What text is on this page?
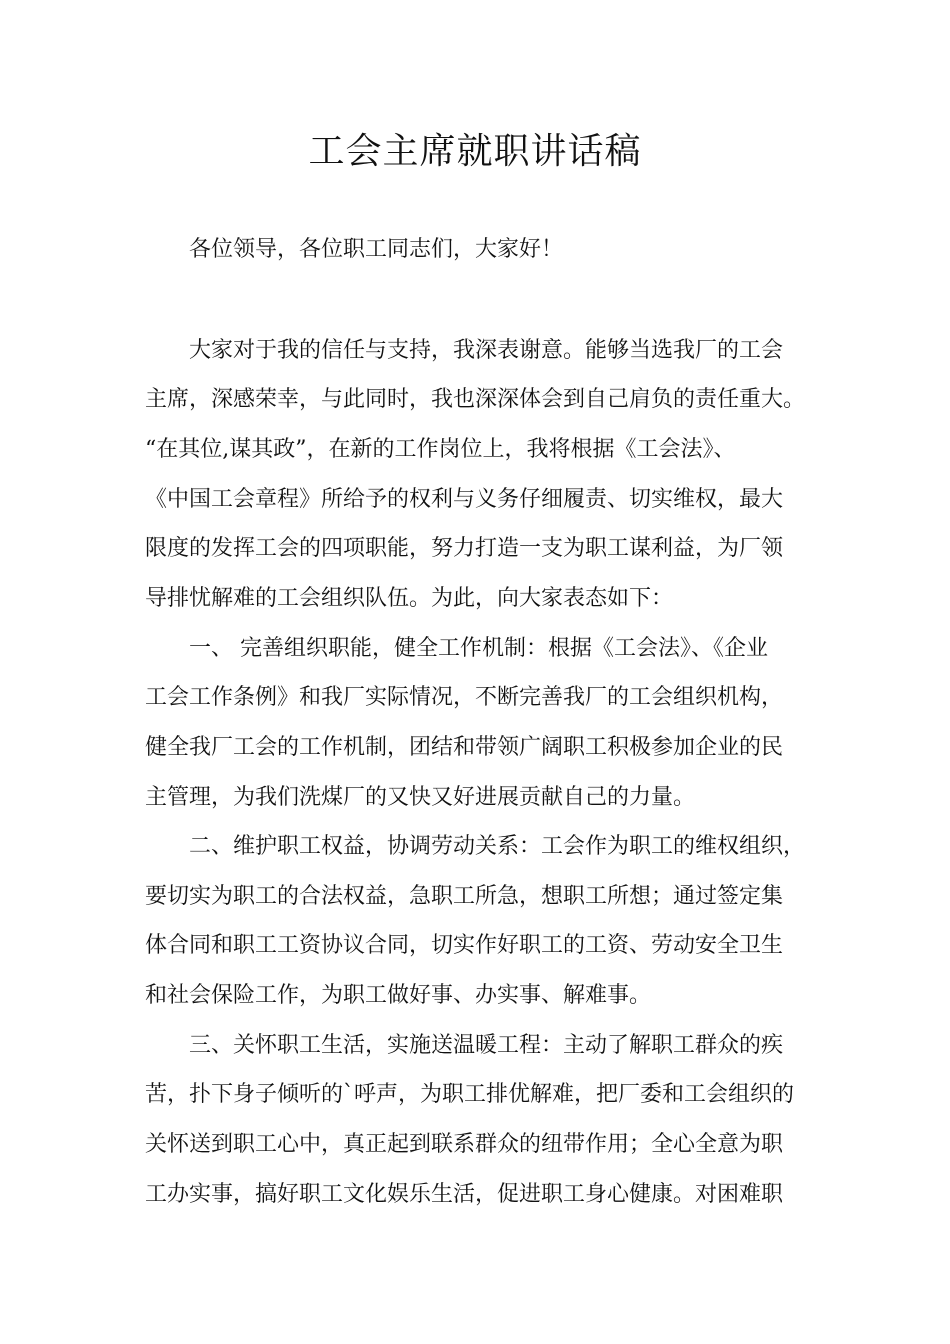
工会主席就职讲话稿
各位领导，各位职工同志们，大家好！
大家对于我的信任与支持，我深表谢意。能够当选我厂的工会
主席，深感荣幸，与此同时，我也深深体会到自己肩负的责任重大。
“在其位,谋其政”，在新的工作岗位上，我将根据《工会法》、
《中国工会章程》所给予的权利与义务仔细履责、切实维权，最大
限度的发挥工会的四项职能，努力打造一支为职工谋利益，为厂领
导排忧解难的工会组织队伍。为此，向大家表态如下：
一、 完善组织职能，健全工作机制：根据《工会法》、《企业
工会工作条例》和我厂实际情况，不断完善我厂的工会组织机构，
健全我厂工会的工作机制，团结和带领广阔职工积极参加企业的民
主管理，为我们洗煤厂的又快又好进展贡献自己的力量。
二、维护职工权益，协调劳动关系：工会作为职工的维权组织，
要切实为职工的合法权益，急职工所急，想职工所想；通过签定集
体合同和职工工资协议合同，切实作好职工的工资、劳动安全卫生
和社会保险工作，为职工做好事、办实事、解难事。
三、关怀职工生活，实施送温暖工程：主动了解职工群众的疾
苦，扑下身子倾听的`呼声，为职工排优解难，把厂委和工会组织的
关怀送到职工心中，真正起到联系群众的纽带作用；全心全意为职
工办实事，搞好职工文化娱乐生活，促进职工身心健康。对困难职
